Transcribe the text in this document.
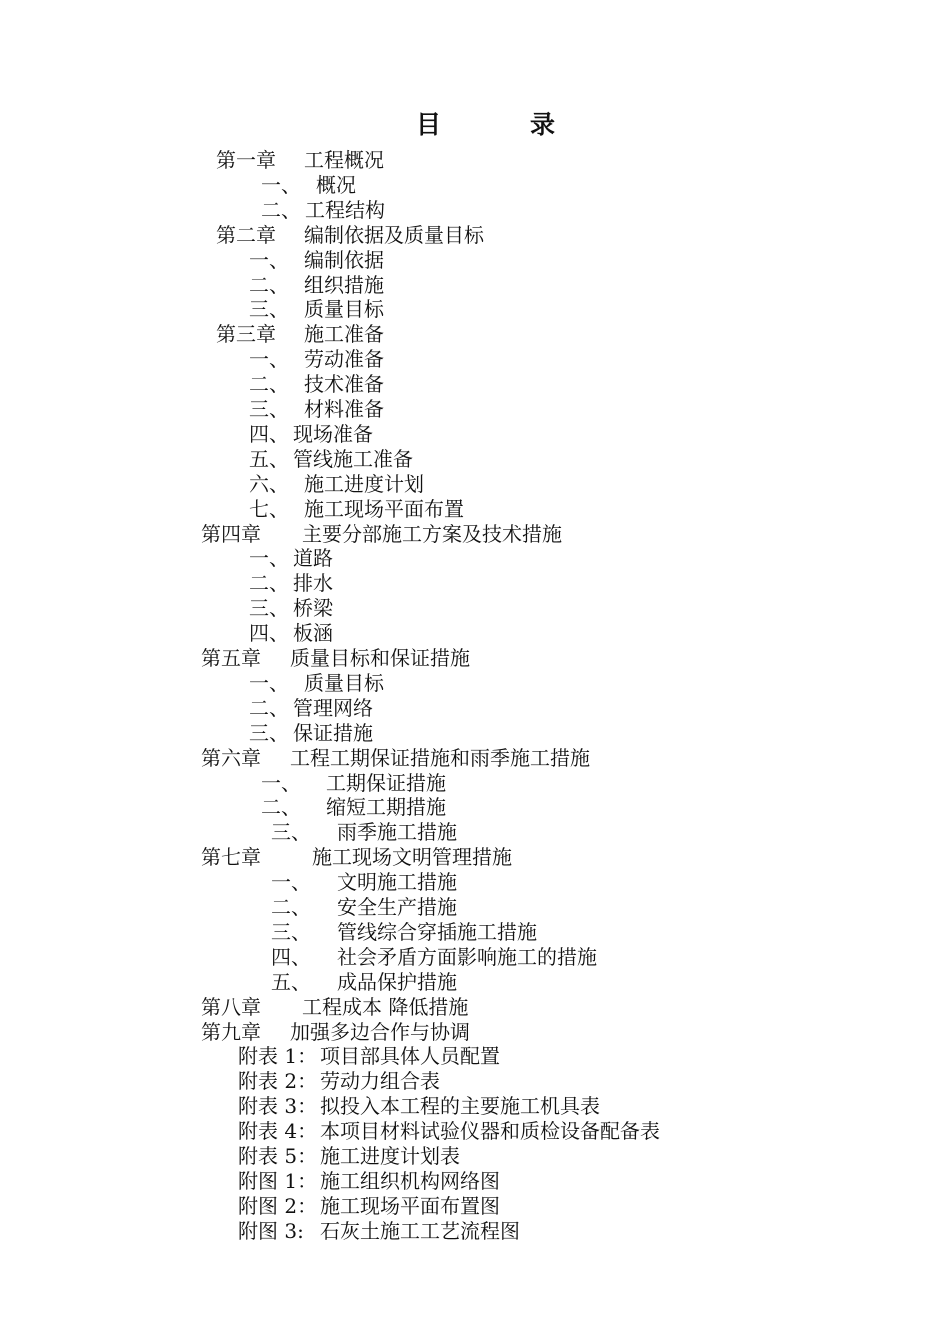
目	录
第一章 工程概况
一、 概况
二、 工程结构
第二章 编制依据及质量目标
一、 编制依据
二、 组织措施
三、 质量目标
第三章 施工准备
一、 劳动准备
二、 技术准备
三、 材料准备
四、 现场准备
五、 管线施工准备
六、 施工进度计划
七、 施工现场平面布置
第四章 主要分部施工方案及技术措施
一、 道路
二、 排水
三、 桥梁
四、 板涵
第五章 质量目标和保证措施
一、 质量目标
二、 管理网络
三、 保证措施
第六章 工程工期保证措施和雨季施工措施
一、 工期保证措施
二、 缩短工期措施
三、 雨季施工措施
第七章	施工现场文明管理措施
一、 文明施工措施
二、 安全生产措施
三、 管线综合穿插施工措施
四、 社会矛盾方面影响施工的措施
五、 成品保护措施
第八章 工程成本 降低措施
第九章 加强多边合作与协调
附表 1： 项目部具体人员配置
附表 2： 劳动力组合表
附表 3： 拟投入本工程的主要施工机具表
附表 4： 本项目材料试验仪器和质检设备配备表
附表 5： 施工进度计划表
附图 1： 施工组织机构网络图
附图 2： 施工现场平面布置图
附图 3: 石灰土施工工艺流程图
